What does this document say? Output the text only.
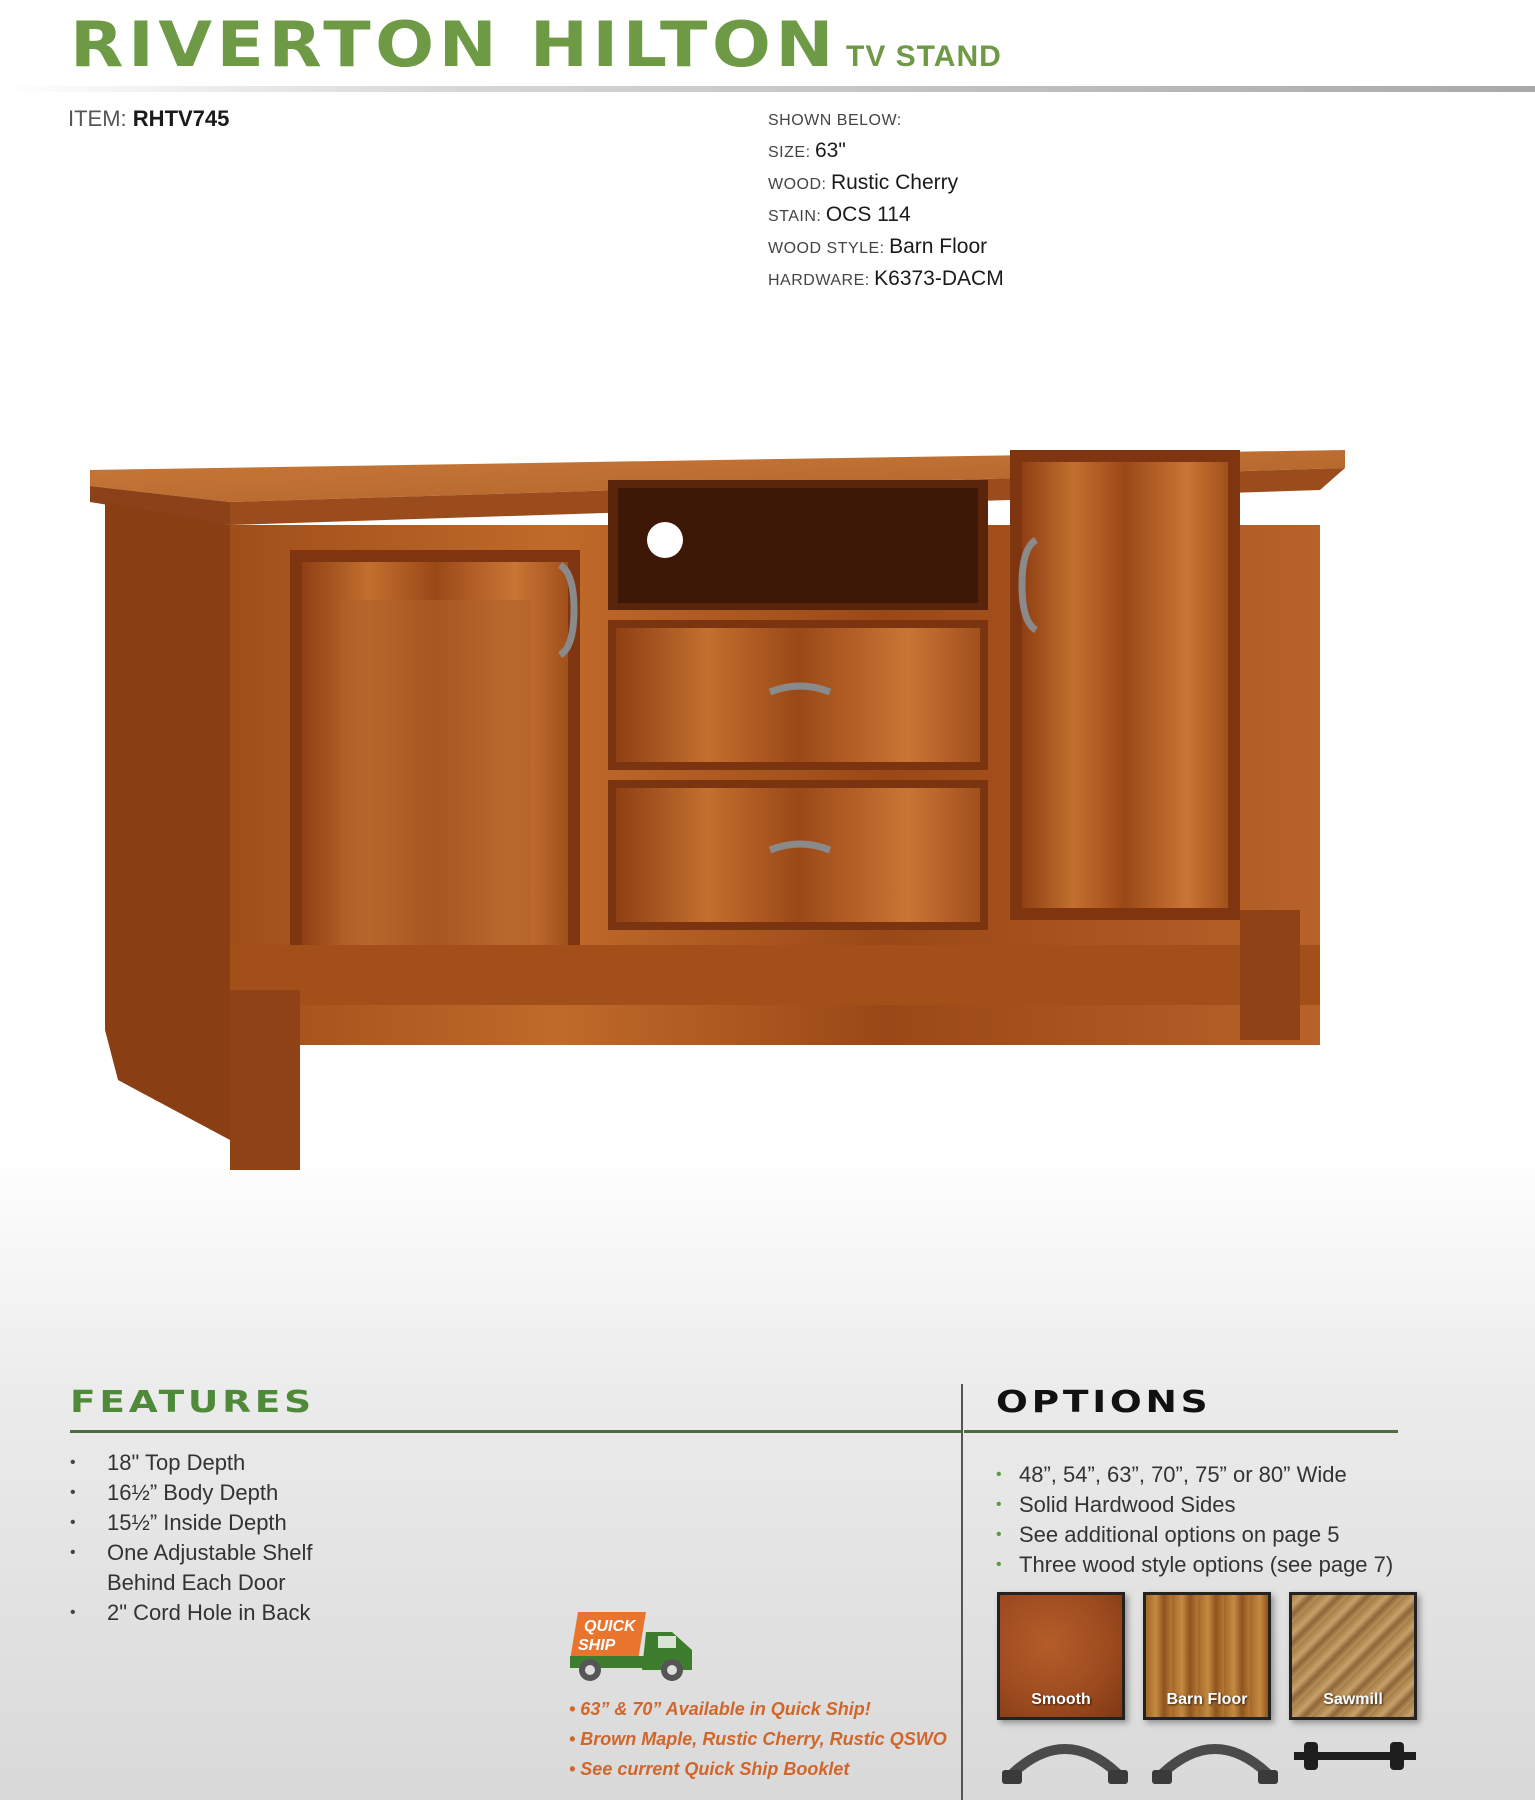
RIVERTON HILTON TV STAND
ITEM: RHTV745	SHOWN BELOW:
SIZE: 63"
WOOD: Rustic Cherry
STAIN: OCS 114
WOOD STYLE: Barn Floor
HARDWARE: K6373-DACM
FEATURES
• 18" Top Depth
• 16½” Body Depth
• 15½” Inside Depth
• One Adjustable Shelf
Behind Each Door
• 2" Cord Hole in Back
OPTIONS
• 48”, 54”, 63”, 70”, 75” or 80” Wide
• Solid Hardwood Sides
• See additional options on page 5
• Three wood style options (see page 7)
Smooth	Barn Floor	Sawmill
QUICK
SHIP
• 63” & 70” Available in Quick Ship!
• Brown Maple, Rustic Cherry, Rustic QSWO
• See current Quick Ship Booklet
